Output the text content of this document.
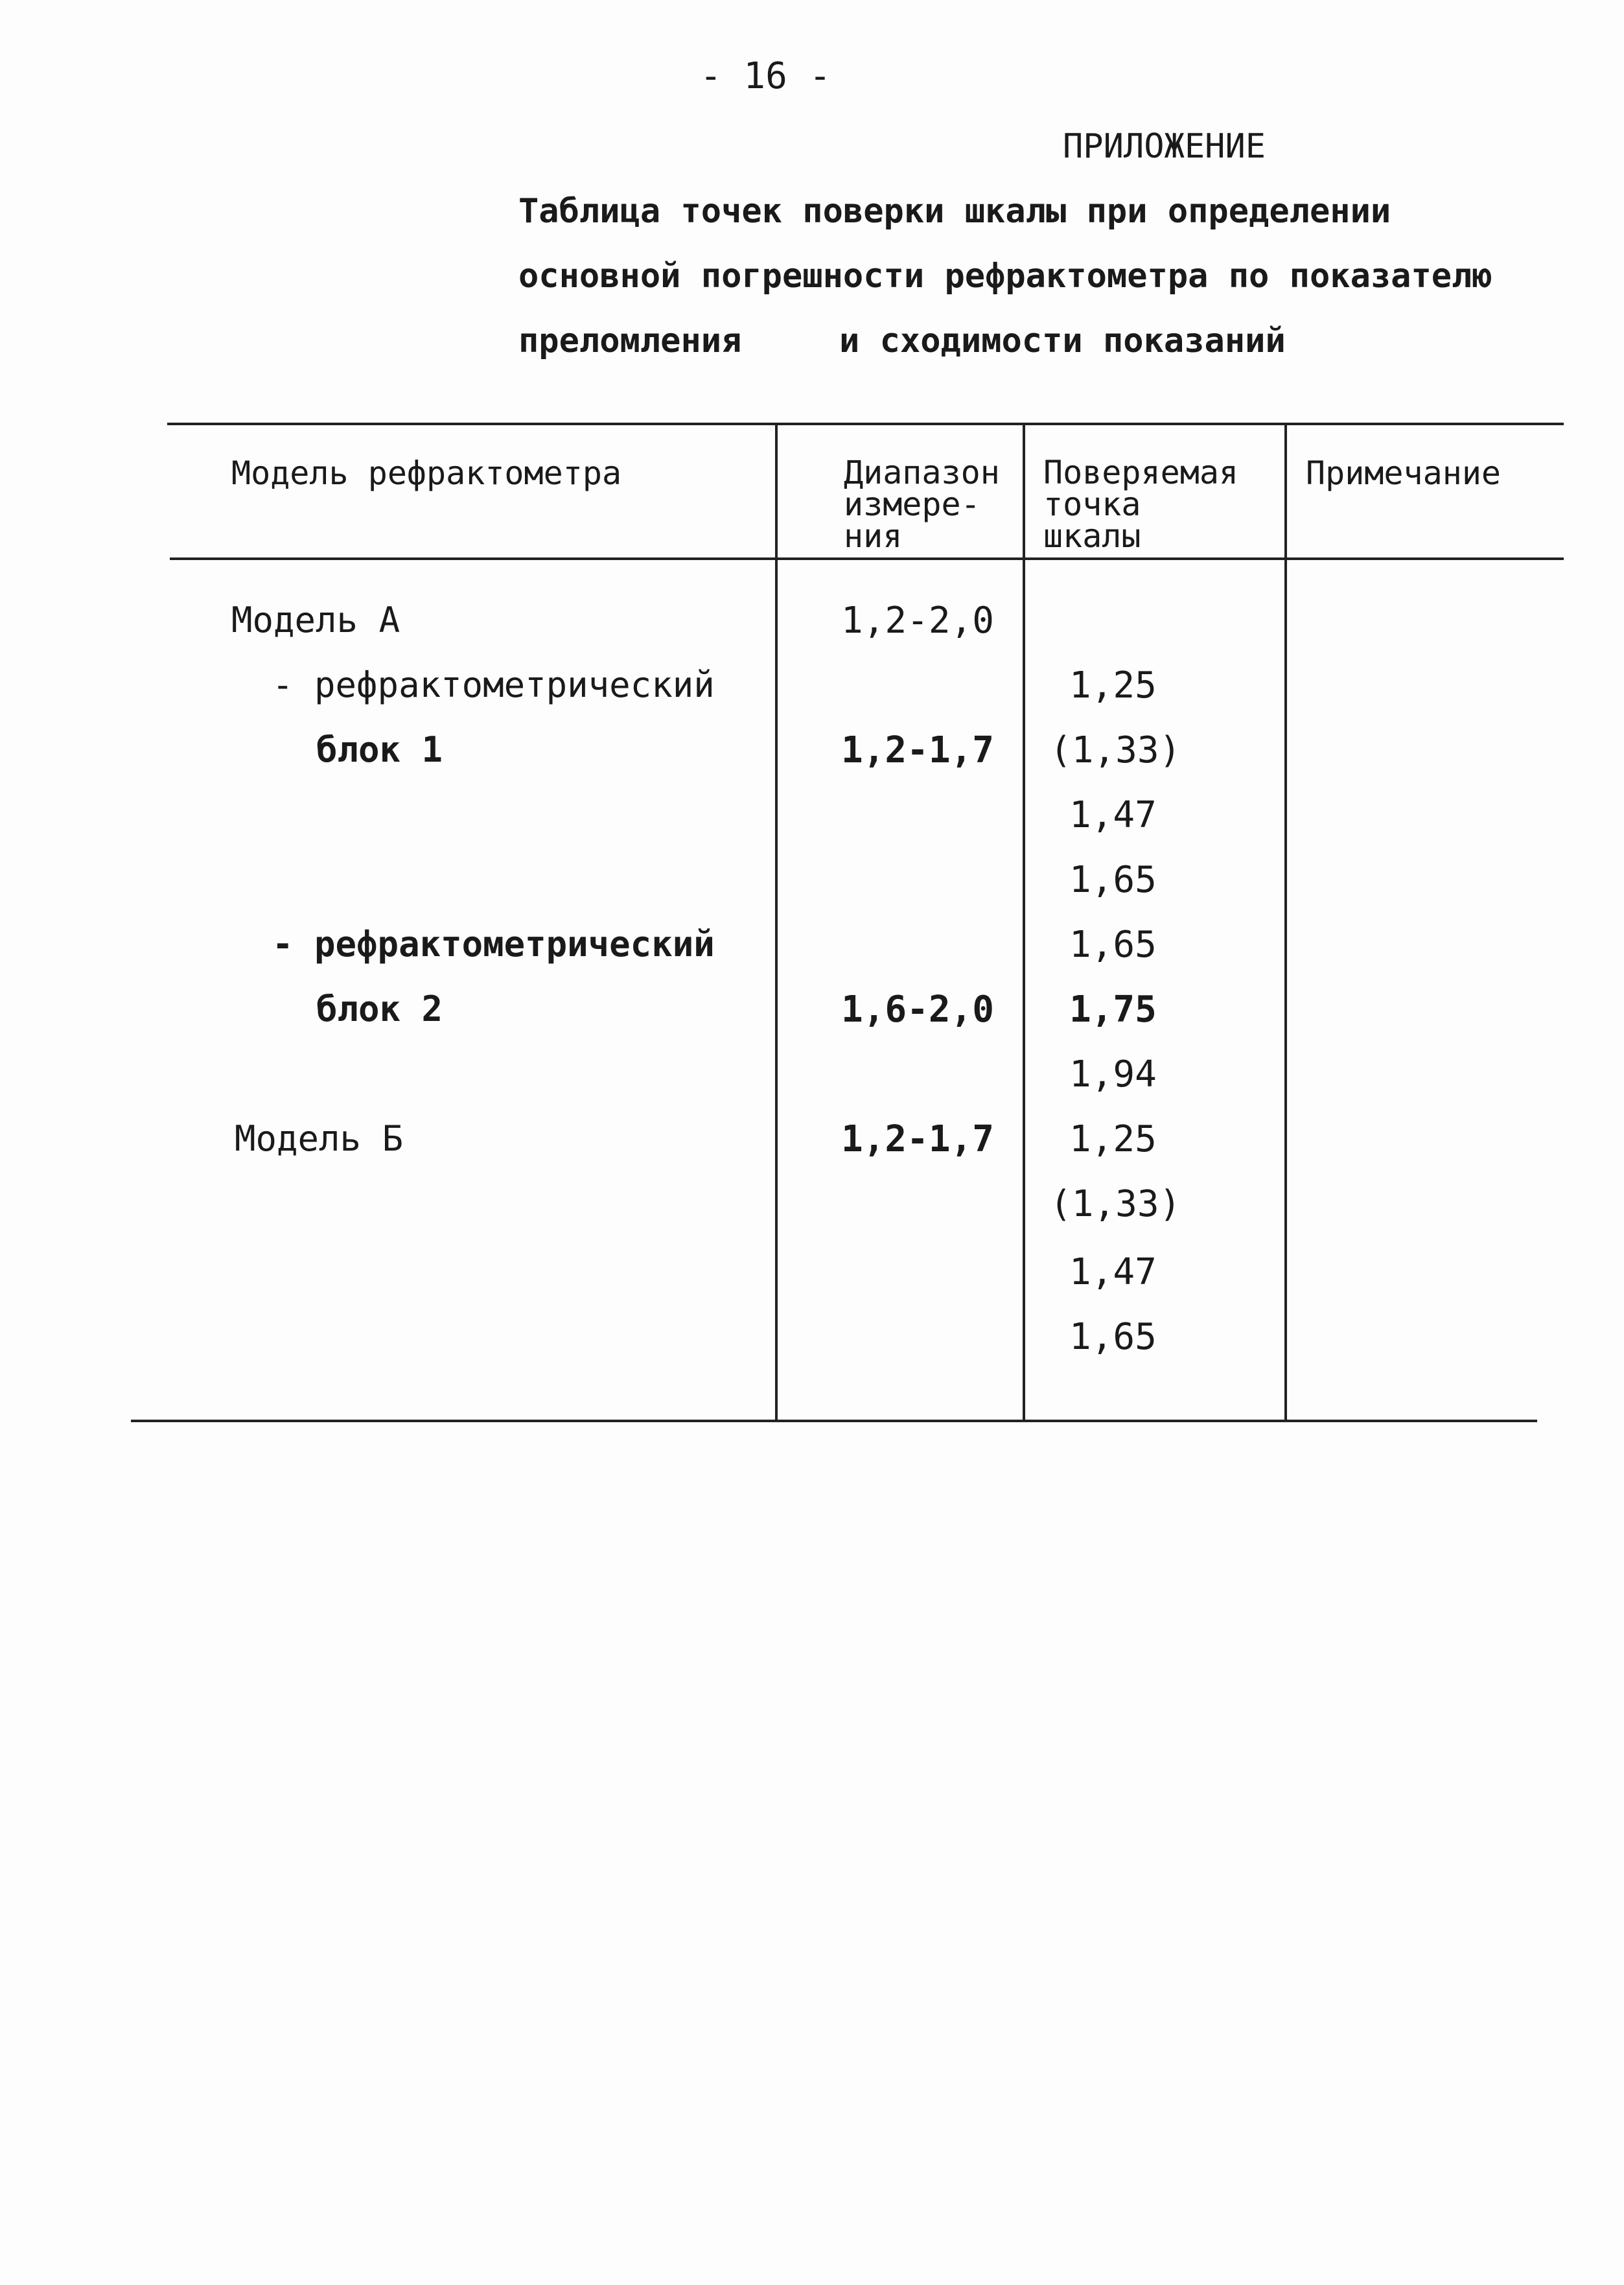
- 16 -
ПРИЛОЖЕНИЕ
Таблица точек поверки шкалы при определении
основной погрешности рефрактометра по показателю
преломления	и сходимости показаний
Модель рефрактометра	Диапазон
измере-
ния
Поверяемая
точка
шкалы
Примечание
Модель А
- рефрактометрический
блок 1
- рефрактометрический
блок 2
Модель Б
1,2-2,0
1,2-1,7
1,6-2,0
1,2-1,7
1,25
(1,33)
1,47
1,65
1,65
1,75
1,94
1,25
(1,33)
1,47
1,65
